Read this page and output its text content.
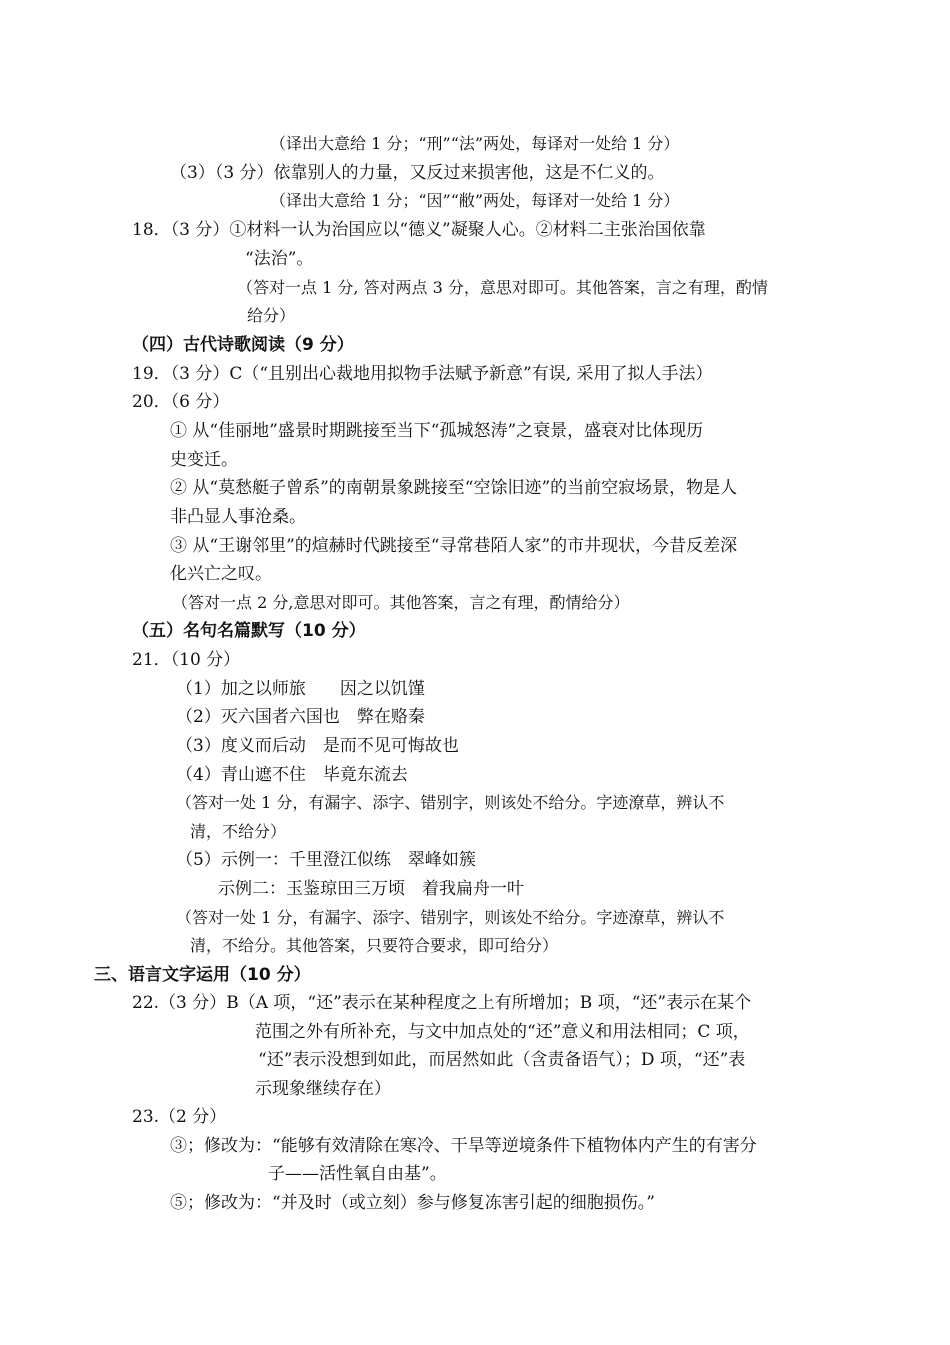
（译出大意给 1 分；“刑”“法”两处，每译对一处给 1 分）
（3）（3 分）依靠别人的力量，又反过来损害他，这是不仁义的。
（译出大意给 1 分；“因”“敝”两处，每译对一处给 1 分）
18．（3 分）①材料一认为治国应以“德义”凝聚人心。②材料二主张治国依靠
“法治”。
（答对一点 1 分, 答对两点 3 分，意思对即可。其他答案，言之有理，酌情
给分）
（四）古代诗歌阅读（9 分）
19．（3 分）C（“且别出心裁地用拟物手法赋予新意”有误, 采用了拟人手法）
20．（6 分）
① 从“佳丽地”盛景时期跳接至当下“孤城怒涛”之衰景，盛衰对比体现历
史变迁。
② 从“莫愁艇子曾系”的南朝景象跳接至“空馀旧迹”的当前空寂场景，物是人
非凸显人事沧桑。
③ 从“王谢邻里”的煊赫时代跳接至“寻常巷陌人家”的市井现状，今昔反差深
化兴亡之叹。
（答对一点 2 分,意思对即可。其他答案，言之有理，酌情给分）
（五）名句名篇默写（10 分）
21．（10 分）
（1）加之以师旅　　因之以饥馑
（2）灭六国者六国也　弊在赂秦
（3）度义而后动　是而不见可悔故也
（4）青山遮不住　毕竟东流去
（答对一处 1 分，有漏字、添字、错别字，则该处不给分。字迹潦草，辨认不
清，不给分）
（5）示例一：千里澄江似练　翠峰如簇
示例二：玉鉴琼田三万顷　着我扁舟一叶
（答对一处 1 分，有漏字、添字、错别字，则该处不给分。字迹潦草，辨认不
清，不给分。其他答案，只要符合要求，即可给分）
三、语言文字运用（10 分）
22.（3 分）B（A 项，“还”表示在某种程度之上有所增加；B 项，“还”表示在某个
范围之外有所补充，与文中加点处的“还”意义和用法相同；C 项，
“还”表示没想到如此，而居然如此（含责备语气）；D 项，“还”表
示现象继续存在）
23.（2 分）
③；修改为：“能够有效清除在寒冷、干旱等逆境条件下植物体内产生的有害分
子——活性氧自由基”。
⑤；修改为：“并及时（或立刻）参与修复冻害引起的细胞损伤。”
